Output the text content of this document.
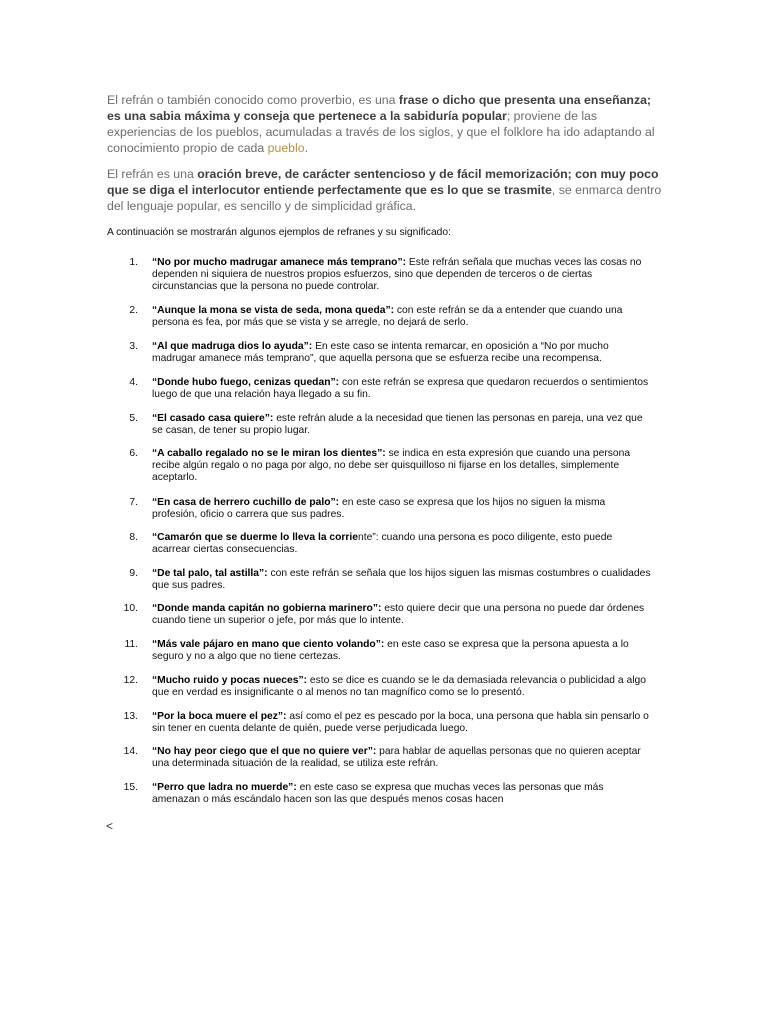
El refrán o también conocido como proverbio, es una frase o dicho que presenta una enseñanza; es una sabia máxima y conseja que pertenece a la sabiduría popular; proviene de las experiencias de los pueblos, acumuladas a través de los siglos, y que el folklore ha ido adaptando al conocimiento propio de cada pueblo.

El refrán es una oración breve, de carácter sentencioso y de fácil memorización; con muy poco que se diga el interlocutor entiende perfectamente que es lo que se trasmite, se enmarca dentro del lenguaje popular, es sencillo y de simplicidad gráfica.

A continuación se mostrarán algunos ejemplos de refranes y su significado:

1. “No por mucho madrugar amanece más temprano”: Este refrán señala que muchas veces las cosas no dependen ni siquiera de nuestros propios esfuerzos, sino que dependen de terceros o de ciertas circunstancias que la persona no puede controlar.
2. “Aunque la mona se vista de seda, mona queda”: con este refrán se da a entender que cuando una persona es fea, por más que se vista y se arregle, no dejará de serlo.
3. “Al que madruga dios lo ayuda”: En este caso se intenta remarcar, en oposición a “No por mucho madrugar amanece más temprano”, que aquella persona que se esfuerza recibe una recompensa.
4. “Donde hubo fuego, cenizas quedan”: con este refrán se expresa que quedaron recuerdos o sentimientos luego de que una relación haya llegado a su fin.
5. “El casado casa quiere”: este refrán alude a la necesidad que tienen las personas en pareja, una vez que se casan, de tener su propio lugar.
6. “A caballo regalado no se le miran los dientes”: se indica en esta expresión que cuando una persona recibe algún regalo o no paga por algo, no debe ser quisquilloso ni fijarse en los detalles, simplemente aceptarlo.
7. “En casa de herrero cuchillo de palo”: en este caso se expresa que los hijos no siguen la misma profesión, oficio o carrera que sus padres.
8. “Camarón que se duerme lo lleva la corriente”: cuando una persona es poco diligente, esto puede acarrear ciertas consecuencias.
9. “De tal palo, tal astilla”: con este refrán se señala que los hijos siguen las mismas costumbres o cualidades que sus padres.
10. “Donde manda capitán no gobierna marinero”: esto quiere decir que una persona no puede dar órdenes cuando tiene un superior o jefe, por más que lo intente.
11. “Más vale pájaro en mano que ciento volando”: en este caso se expresa que la persona apuesta a lo seguro y no a algo que no tiene certezas.
12. “Mucho ruido y pocas nueces”: esto se dice es cuando se le da demasiada relevancia o publicidad a algo que en verdad es insignificante o al menos no tan magnífico como se lo presentó.
13. “Por la boca muere el pez”: así como el pez es pescado por la boca, una persona que habla sin pensarlo o sin tener en cuenta delante de quién, puede verse perjudicada luego.
14. “No hay peor ciego que el que no quiere ver”: para hablar de aquellas personas que no quieren aceptar una determinada situación de la realidad, se utiliza este refrán.
15. “Perro que ladra no muerde”: en este caso se expresa que muchas veces las personas que más amenazan o más escándalo hacen son las que después menos cosas hacen
<
